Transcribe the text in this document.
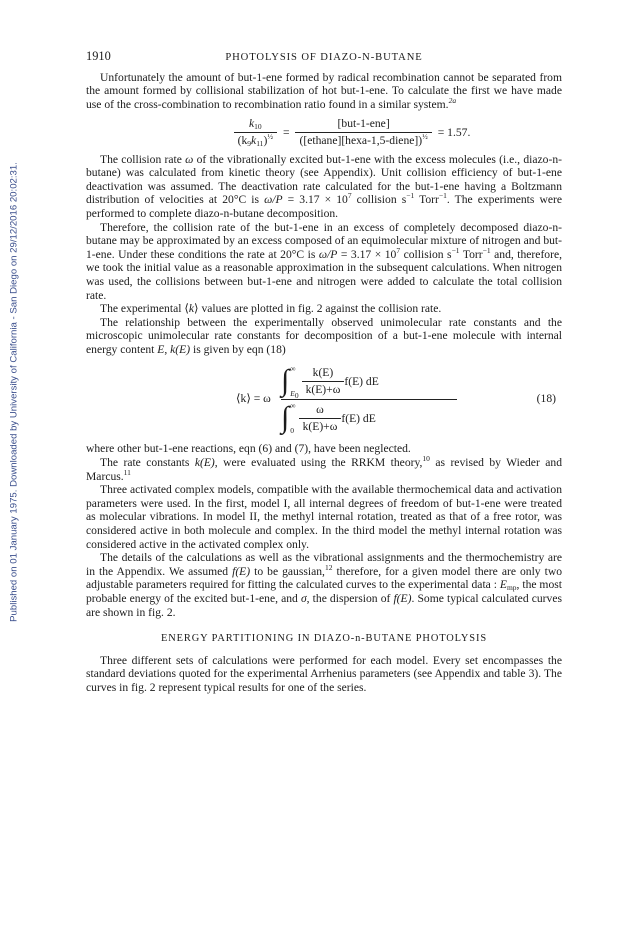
Published on 01 January 1975. Downloaded by University of California - San Diego on 29/12/2016 20:02:31.
1910	PHOTOLYSIS OF DIAZO-N-BUTANE

Unfortunately the amount of but-1-ene formed by radical recombination cannot be separated from the amount formed by collisional stabilization of hot but-1-ene. To calculate the first we have made use of the cross-combination to recombination ratio found in a similar system.$^{2a}$

$\frac{k_{10}}{(k_9k_{11})^{\frac{1}{2}}} = \frac{\text{[but-1-ene]}}{([ethane][hexa-1,5-diene])^{\frac{1}{2}}} = 1.57$.

The collision rate ω of the vibrationally excited but-1-ene with the excess molecules (i.e., diazo-n-butane) was calculated from kinetic theory (see Appendix). Unit collision efficiency of but-1-ene deactivation was assumed. The deactivation rate calculated for the but-1-ene having a Boltzmann distribution of velocities at 20°C is $\omega/P = 3.17 \times 10^7$ collision $s^{-1}$ Torr$^{-1}$. The experiments were performed to complete diazo-n-butane decomposition.

Therefore, the collision rate of the but-1-ene in an excess of completely decomposed diazo-n-butane may be approximated by an excess composed of an equimolecular mixture of nitrogen and but-1-ene. Under these conditions the rate at 20°C is $\omega/P = 3.17 \times 10^7$ collision $s^{-1}$ Torr$^{-1}$ and, therefore, we took the initial value as a reasonable approximation in the subsequent calculations. When nitrogen was used, the collisions between but-1-ene and nitrogen were added to calculate the total collision rate.

The experimental ⟨k⟩ values are plotted in fig. 2 against the collision rate.

The relationship between the experimentally observed unimolecular rate constants and the microscopic unimolecular rate constants for decomposition of a but-1-ene molecule with internal energy content E, k(E) is given by eqn (18)

⟨k⟩ = ω
∫ ∞
$E_0 \frac{k(E)}{k(E)+\omega} f(E)$ dE
∫ ∞
$0 \frac{\omega}{k(E)+\omega} f(E)$ dE
(18)

where other but-1-ene reactions, eqn (6) and (7), have been neglected.

The rate constants k(E), were evaluated using the RRKM theory,$^{10}$ as revised by Wieder and Marcus.$^{11}$

Three activated complex models, compatible with the available thermochemical data and activation parameters were used. In the first, model I, all internal degrees of freedom of but-1-ene were treated as molecular vibrations. In model II, the methyl internal rotation, treated as that of a free rotor, was considered active in both molecule and complex. In the third model the methyl internal rotation was considered active in the activated complex only.

The details of the calculations as well as the vibrational assignments and the thermochemistry are in the Appendix. We assumed f(E) to be gaussian,$^{12}$ therefore, for a given model there are only two adjustable parameters required for fitting the calculated curves to the experimental data : $E_{mp}$, the most probable energy of the excited but-1-ene, and σ, the dispersion of f(E). Some typical calculated curves are shown in fig. 2.

ENERGY PARTITIONING IN DIAZO-n-BUTANE PHOTOLYSIS

Three different sets of calculations were performed for each model. Every set encompasses the standard deviations quoted for the experimental Arrhenius parameters (see Appendix and table 3). The curves in fig. 2 represent typical results for one of the series.
